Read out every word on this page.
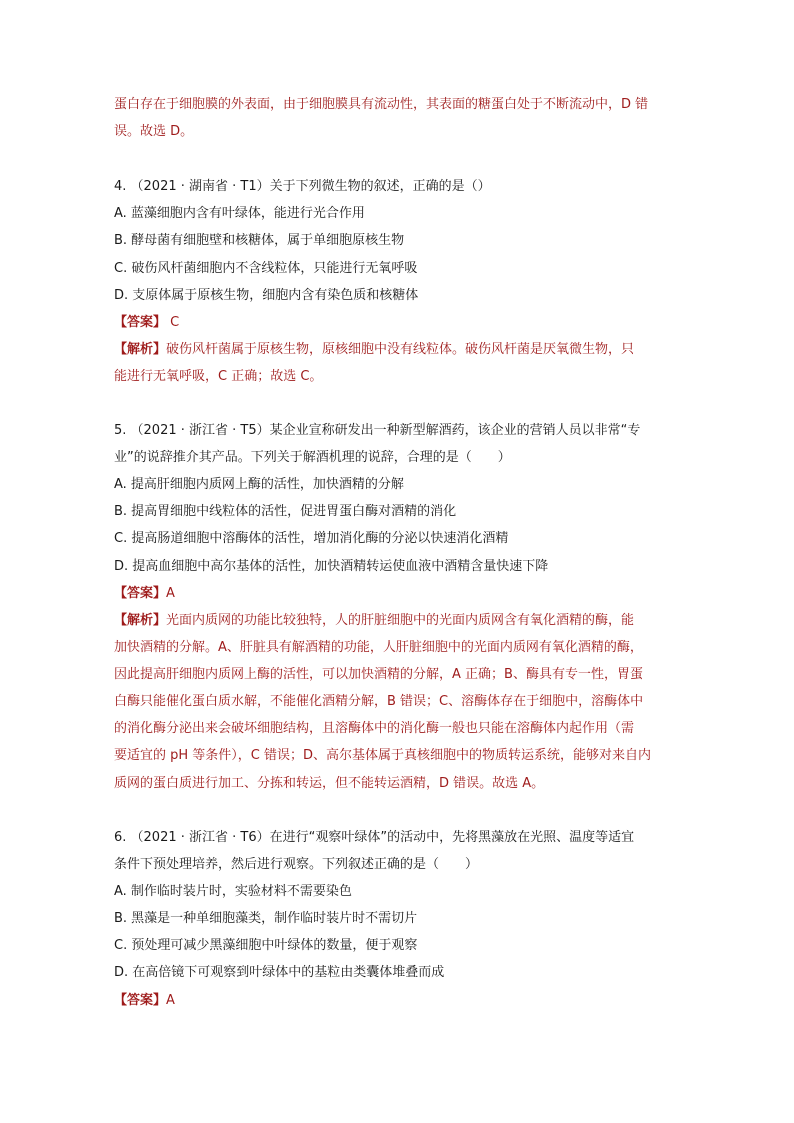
蛋白存在于细胞膜的外表面，由于细胞膜具有流动性，其表面的糖蛋白处于不断流动中，D 错
误。故选 D。
4. （2021 · 湖南省 · T1）关于下列微生物的叙述，正确的是（）
A. 蓝藻细胞内含有叶绿体，能进行光合作用
B. 酵母菌有细胞壁和核糖体，属于单细胞原核生物
C. 破伤风杆菌细胞内不含线粒体，只能进行无氧呼吸
D. 支原体属于原核生物，细胞内含有染色质和核糖体
【答案】 C
【解析】破伤风杆菌属于原核生物，原核细胞中没有线粒体。破伤风杆菌是厌氧微生物，只
能进行无氧呼吸，C 正确；故选 C。
5. （2021 · 浙江省 · T5）某企业宣称研发出一种新型解酒药，该企业的营销人员以非常“专
业”的说辞推介其产品。下列关于解酒机理的说辞，合理的是（　　）
A. 提高肝细胞内质网上酶的活性，加快酒精的分解
B. 提高胃细胞中线粒体的活性，促进胃蛋白酶对酒精的消化
C. 提高肠道细胞中溶酶体的活性，增加消化酶的分泌以快速消化酒精
D. 提高血细胞中高尔基体的活性，加快酒精转运使血液中酒精含量快速下降
【答案】A
【解析】光面内质网的功能比较独特，人的肝脏细胞中的光面内质网含有氧化酒精的酶，能
加快酒精的分解。A、肝脏具有解酒精的功能，人肝脏细胞中的光面内质网有氧化酒精的酶，
因此提高肝细胞内质网上酶的活性，可以加快酒精的分解，A 正确；B、酶具有专一性，胃蛋
白酶只能催化蛋白质水解，不能催化酒精分解，B 错误；C、溶酶体存在于细胞中，溶酶体中
的消化酶分泌出来会破坏细胞结构，且溶酶体中的消化酶一般也只能在溶酶体内起作用（需
要适宜的 pH 等条件），C 错误；D、高尔基体属于真核细胞中的物质转运系统，能够对来自内
质网的蛋白质进行加工、分拣和转运，但不能转运酒精，D 错误。故选 A。
6. （2021 · 浙江省 · T6）在进行“观察叶绿体”的活动中，先将黑藻放在光照、温度等适宜
条件下预处理培养，然后进行观察。下列叙述正确的是（　　）
A. 制作临时装片时，实验材料不需要染色
B. 黑藻是一种单细胞藻类，制作临时装片时不需切片
C. 预处理可减少黑藻细胞中叶绿体的数量，便于观察
D. 在高倍镜下可观察到叶绿体中的基粒由类囊体堆叠而成
【答案】A
